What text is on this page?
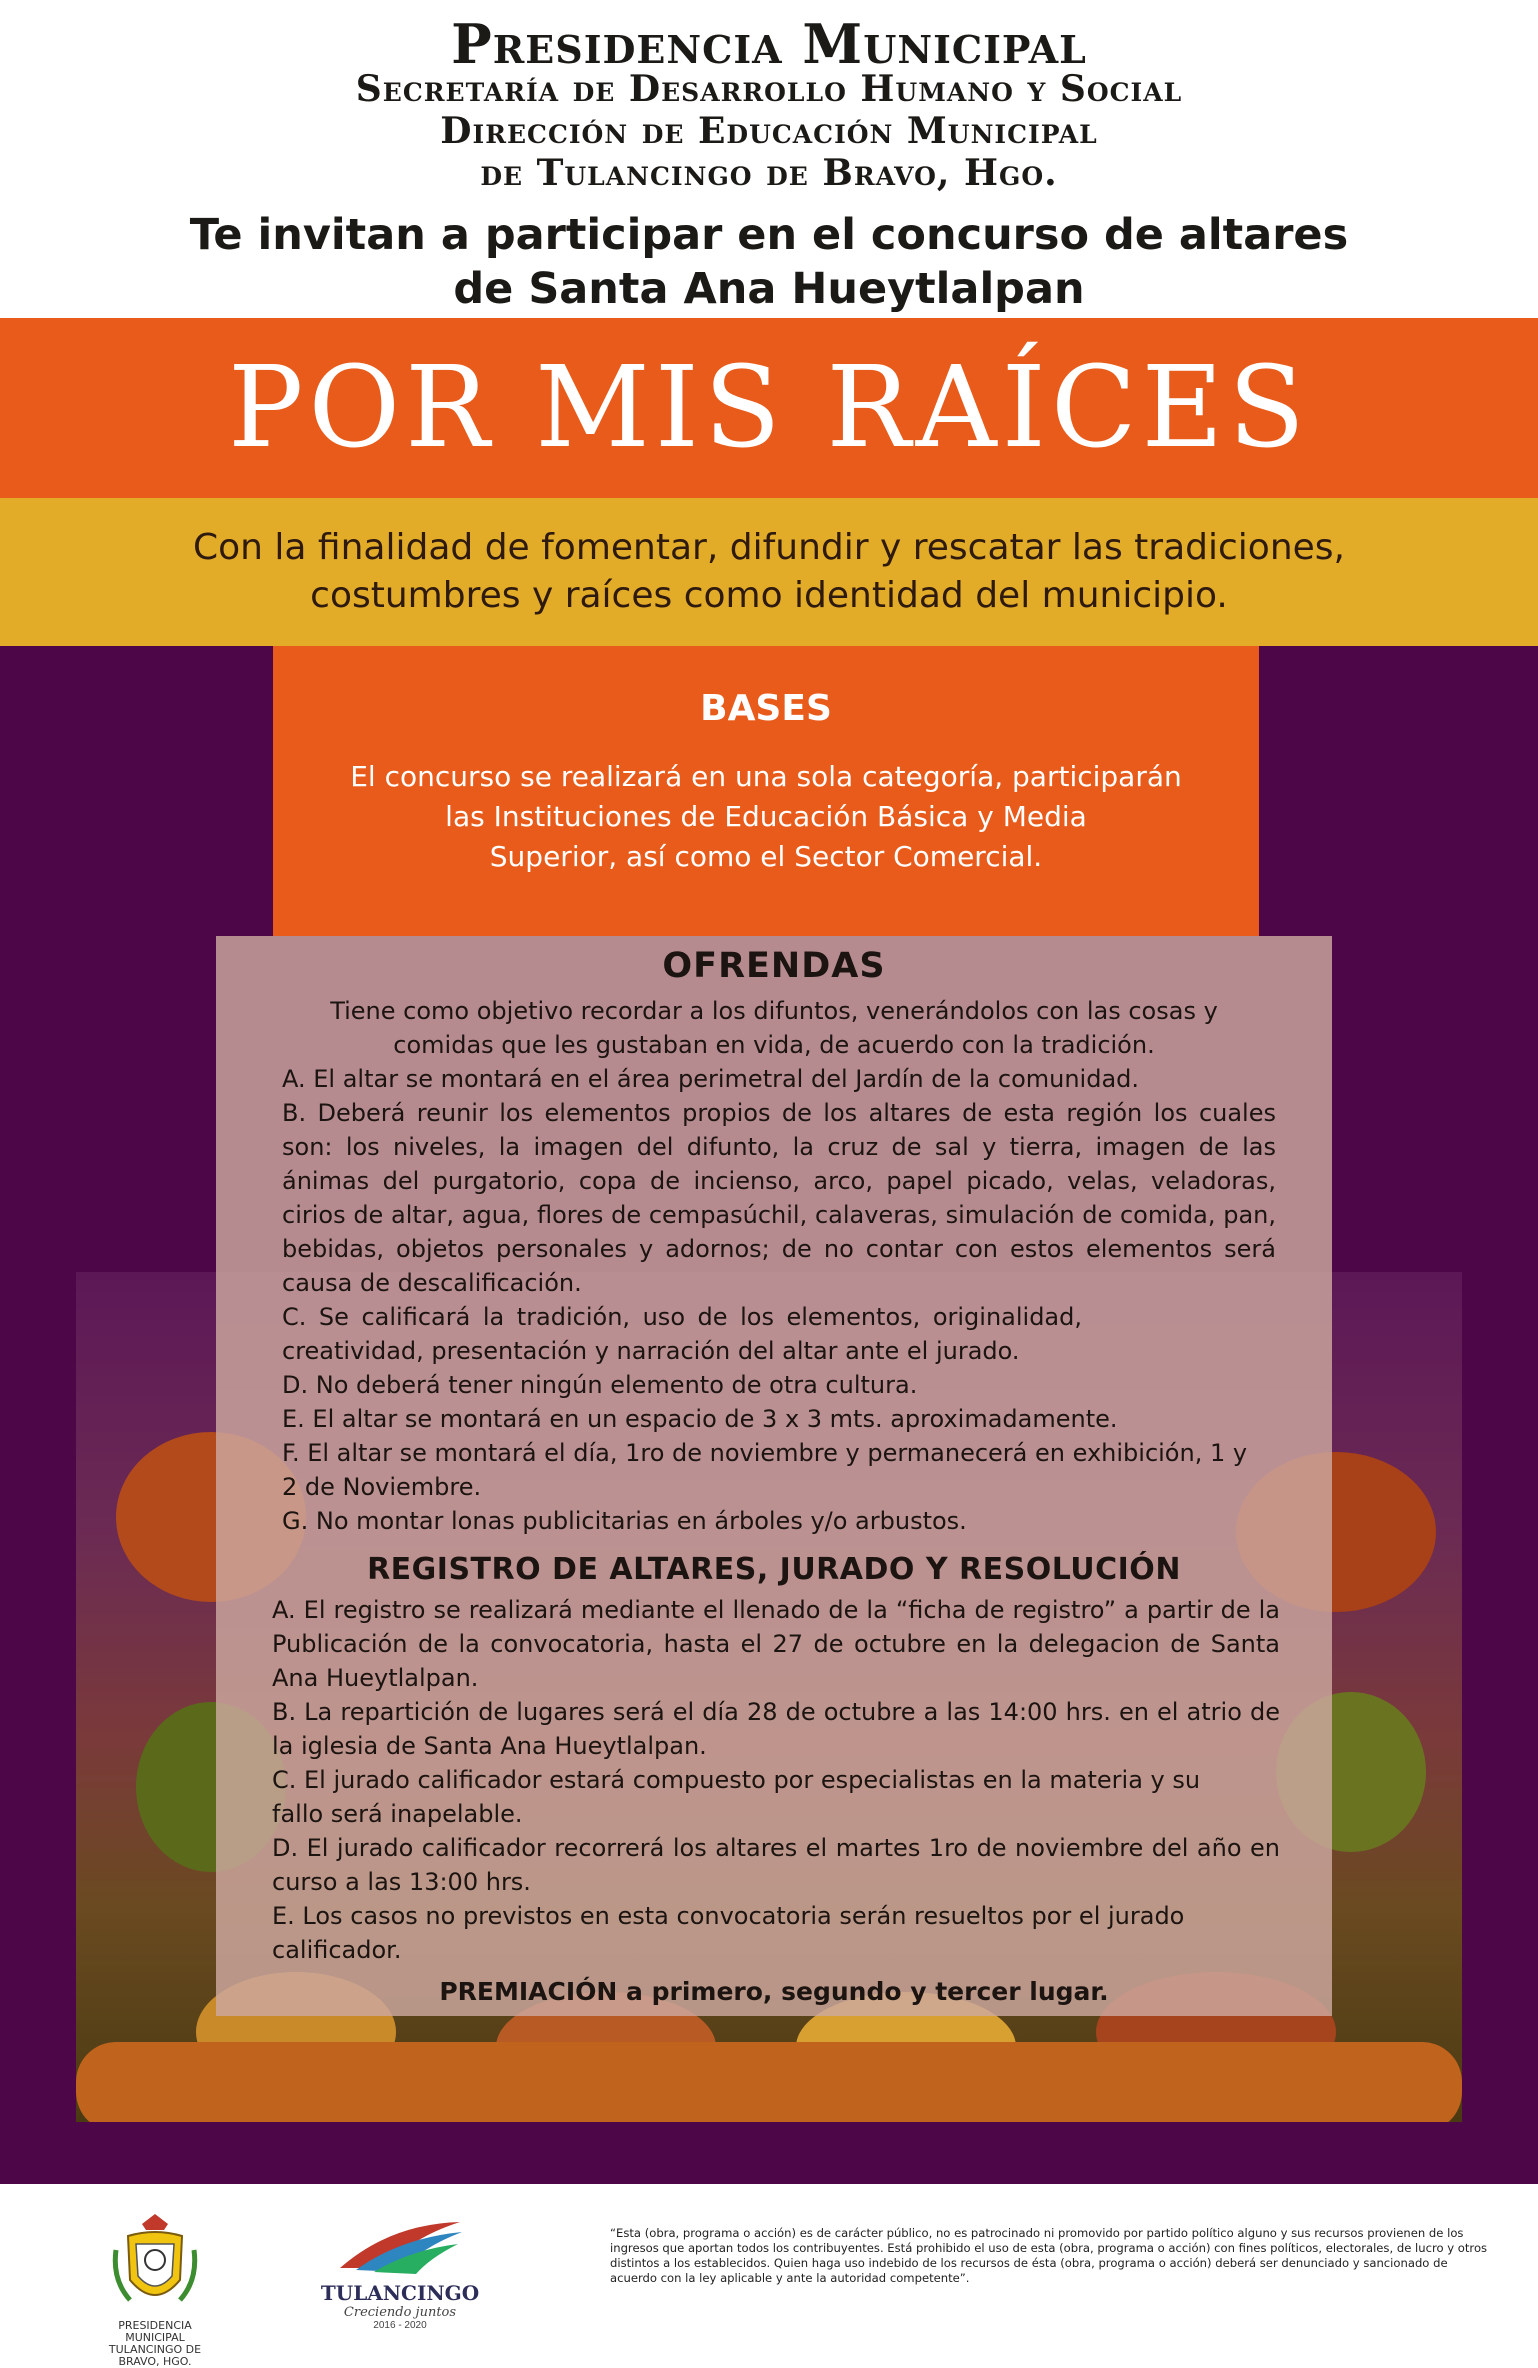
Presidencia Municipal
Secretaría de Desarrollo Humano y Social
Dirección de Educación Municipal
de Tulancingo de Bravo, Hgo.
Te invitan a participar en el concurso de altares
de Santa Ana Hueytlalpan
POR MIS RAÍCES
Con la finalidad de fomentar, difundir y rescatar las tradiciones,
costumbres y raíces como identidad del municipio.
BASES
El concurso se realizará en una sola categoría, participarán
las Instituciones de Educación Básica y Media
Superior, así como el Sector Comercial.
OFRENDAS
Tiene como objetivo recordar a los difuntos, venerándolos con las cosas y
comidas que les gustaban en vida, de acuerdo con la tradición.
A. El altar se montará en el área perimetral del Jardín de la comunidad.
B. Deberá reunir los elementos propios de los altares de esta región los cuales son: los niveles, la imagen del difunto, la cruz de sal y tierra, imagen de las ánimas del purgatorio, copa de incienso, arco, papel picado, velas, veladoras, cirios de altar, agua, flores de cempasúchil, calaveras, simulación de comida, pan, bebidas, objetos personales y adornos; de no contar con estos elementos será causa de descalificación.
C. Se calificará la tradición, uso de los elementos, originalidad, creatividad, presentación y narración del altar ante el jurado.
D. No deberá tener ningún elemento de otra cultura.
E. El altar se montará en un espacio de 3 x 3 mts. aproximadamente.
F. El altar se montará el día, 1ro de noviembre y permanecerá en exhibición, 1 y 2 de Noviembre.
G. No montar lonas publicitarias en árboles y/o arbustos.
REGISTRO DE ALTARES, JURADO Y RESOLUCIÓN
A. El registro se realizará mediante el llenado de la “ficha de registro” a partir de la Publicación de la convocatoria, hasta el 27 de octubre en la delegacion de Santa Ana Hueytlalpan.
B. La repartición de lugares será el día 28 de octubre a las 14:00 hrs. en el atrio de la iglesia de Santa Ana Hueytlalpan.
C. El jurado calificador estará compuesto por especialistas en la materia y su fallo será inapelable.
D. El jurado calificador recorrerá los altares el martes 1ro de noviembre del año en curso a las 13:00 hrs.
E. Los casos no previstos en esta convocatoria serán resueltos por el jurado calificador.
PREMIACIÓN a primero, segundo y tercer lugar.
PRESIDENCIA MUNICIPAL
TULANCINGO DE BRAVO, HGO.
TULANCINGO
Creciendo juntos
2016 - 2020
“Esta (obra, programa o acción) es de carácter público, no es patrocinado ni promovido por partido político alguno y sus recursos provienen de los ingresos que aportan todos los contribuyentes. Está prohibido el uso de esta (obra, programa o acción) con fines políticos, electorales, de lucro y otros distintos a los establecidos. Quien haga uso indebido de los recursos de ésta (obra, programa o acción) deberá ser denunciado y sancionado de acuerdo con la ley aplicable y ante la autoridad competente”.
